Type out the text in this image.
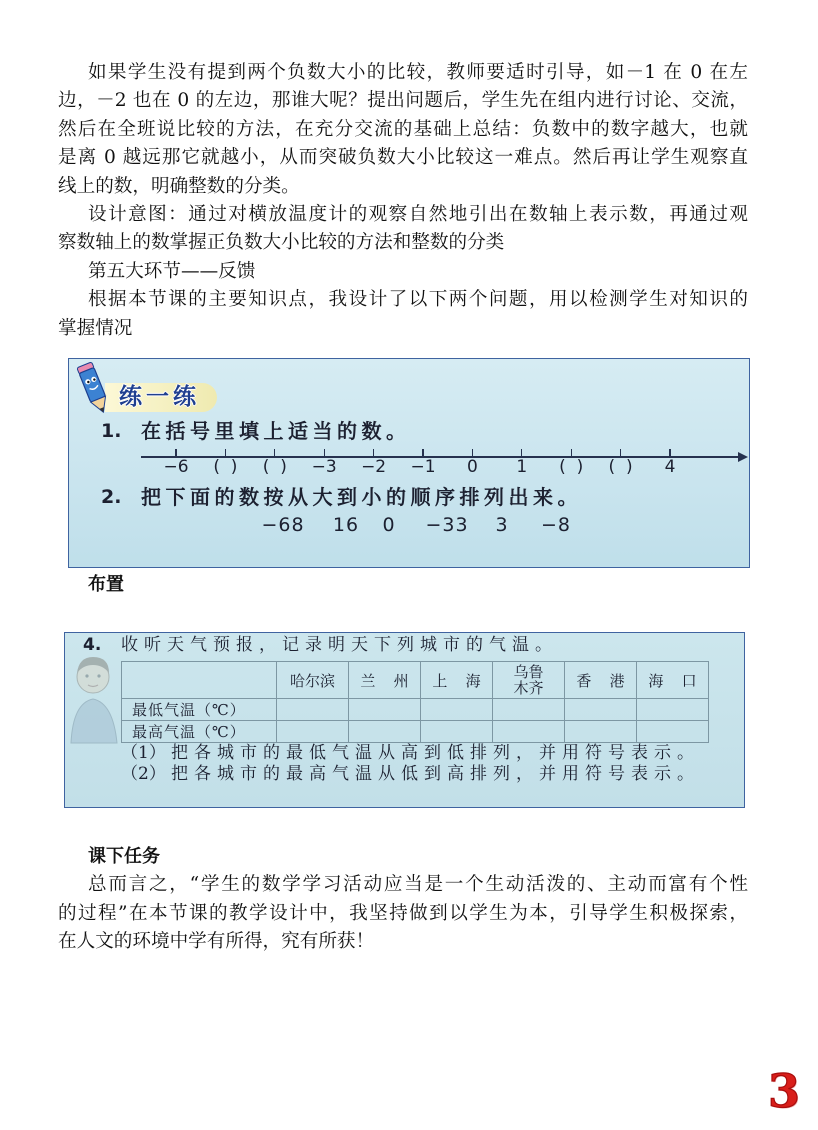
如果学生没有提到两个负数大小的比较，教师要适时引导，如－1 在 0 在左
边，－2 也在 0 的左边，那谁大呢？提出问题后，学生先在组内进行讨论、交流，
然后在全班说比较的方法，在充分交流的基础上总结：负数中的数字越大，也就
是离 0 越远那它就越小，从而突破负数大小比较这一难点。然后再让学生观察直
线上的数，明确整数的分类。
设计意图：通过对横放温度计的观察自然地引出在数轴上表示数，再通过观
察数轴上的数掌握正负数大小比较的方法和整数的分类
第五大环节——反馈
根据本节课的主要知识点，我设计了以下两个问题，用以检测学生对知识的
掌握情况
练一练
1. 在括号里填上适当的数。
−6 (  ) (  ) −3 −2 −1 0 1 (  ) (  ) 4
2. 把下面的数按从大到小的顺序排列出来。
−68 16 0 −33 3 −8
布置
4. 收听天气预报，记录明天下列城市的气温。
	哈尔滨	兰 州	上 海	乌鲁木齐	香 港	海 口
最低气温（℃）						
最高气温（℃）						
（1） 把各城市的最低气温从高到低排列，并用符号表示。
（2） 把各城市的最高气温从低到高排列，并用符号表示。
课下任务
总而言之，“学生的数学学习活动应当是一个生动活泼的、主动而富有个性
的过程”在本节课的教学设计中，我坚持做到以学生为本，引导学生积极探索，
在人文的环境中学有所得，究有所获！
3
